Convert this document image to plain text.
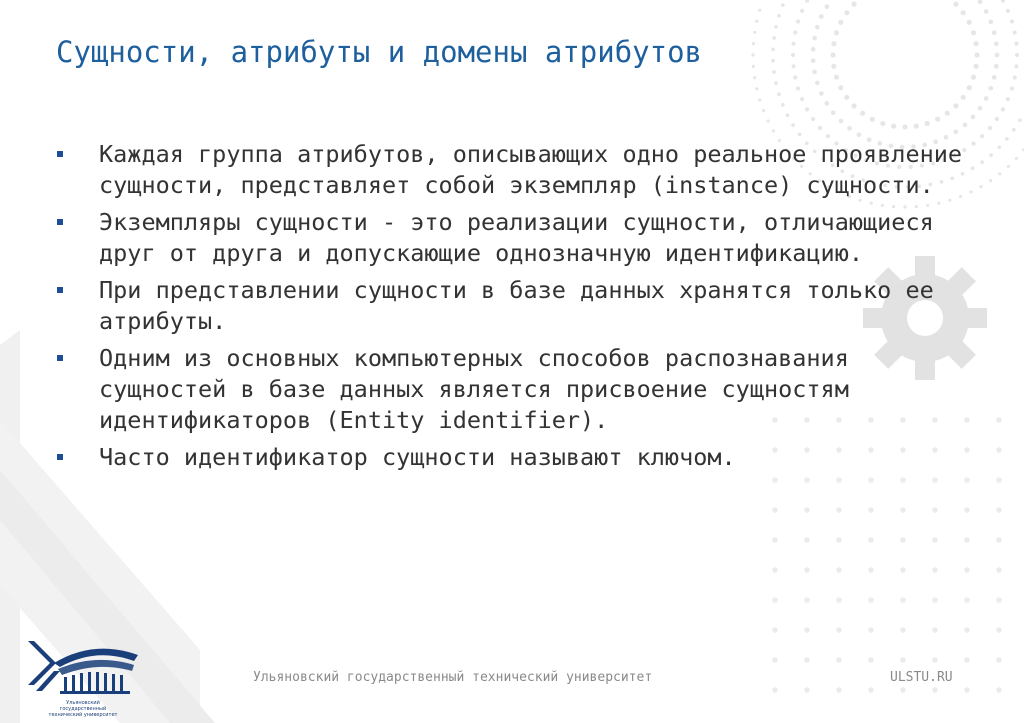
Сущности, атрибуты и домены атрибутов
Каждая группа атрибутов, описывающих одно реальное проявление сущности, представляет собой экземпляр (instance) сущности.
Экземпляры сущности - это реализации сущности, отличающиеся друг от друга и допускающие однозначную идентификацию.
При представлении сущности в базе данных хранятся только ее атрибуты.
Одним из основных компьютерных способов распознавания сущностей в базе данных является присвоение сущностям идентификаторов (Entity identifier).
Часто идентификатор сущности называют ключом.
Ульяновский государственный технический университет
Ульяновский государственный технический университет	ULSTU.RU
